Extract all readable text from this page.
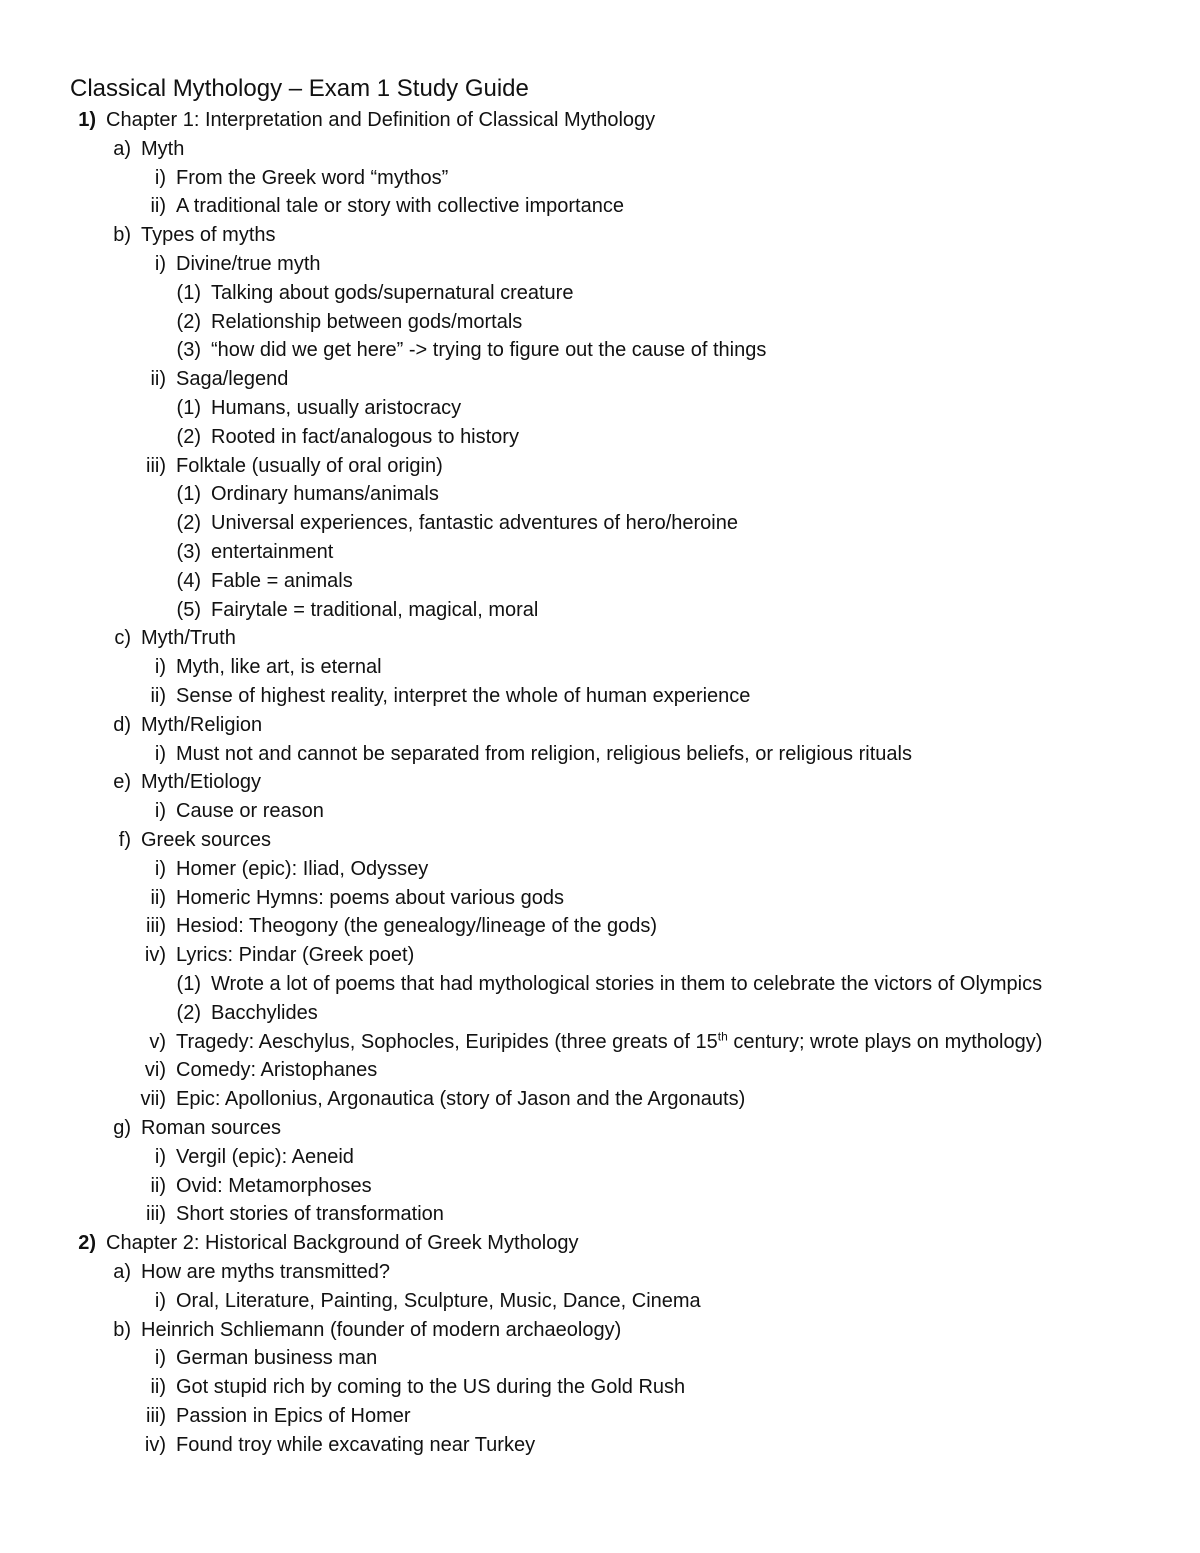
Classical Mythology – Exam 1 Study Guide
1) Chapter 1: Interpretation and Definition of Classical Mythology
a) Myth
i) From the Greek word “mythos”
ii) A traditional tale or story with collective importance
b) Types of myths
i) Divine/true myth
(1) Talking about gods/supernatural creature
(2) Relationship between gods/mortals
(3) “how did we get here” -> trying to figure out the cause of things
ii) Saga/legend
(1) Humans, usually aristocracy
(2) Rooted in fact/analogous to history
iii) Folktale (usually of oral origin)
(1) Ordinary humans/animals
(2) Universal experiences, fantastic adventures of hero/heroine
(3) entertainment
(4) Fable = animals
(5) Fairytale = traditional, magical, moral
c) Myth/Truth
i) Myth, like art, is eternal
ii) Sense of highest reality, interpret the whole of human experience
d) Myth/Religion
i) Must not and cannot be separated from religion, religious beliefs, or religious rituals
e) Myth/Etiology
i) Cause or reason
f) Greek sources
i) Homer (epic): Iliad, Odyssey
ii) Homeric Hymns: poems about various gods
iii) Hesiod: Theogony (the genealogy/lineage of the gods)
iv) Lyrics: Pindar (Greek poet)
(1) Wrote a lot of poems that had mythological stories in them to celebrate the victors of Olympics
(2) Bacchylides
v) Tragedy: Aeschylus, Sophocles, Euripides (three greats of 15th century; wrote plays on mythology)
vi) Comedy: Aristophanes
vii) Epic: Apollonius, Argonautica (story of Jason and the Argonauts)
g) Roman sources
i) Vergil (epic): Aeneid
ii) Ovid: Metamorphoses
iii) Short stories of transformation
2) Chapter 2: Historical Background of Greek Mythology
a) How are myths transmitted?
i) Oral, Literature, Painting, Sculpture, Music, Dance, Cinema
b) Heinrich Schliemann (founder of modern archaeology)
i) German business man
ii) Got stupid rich by coming to the US during the Gold Rush
iii) Passion in Epics of Homer
iv) Found troy while excavating near Turkey
